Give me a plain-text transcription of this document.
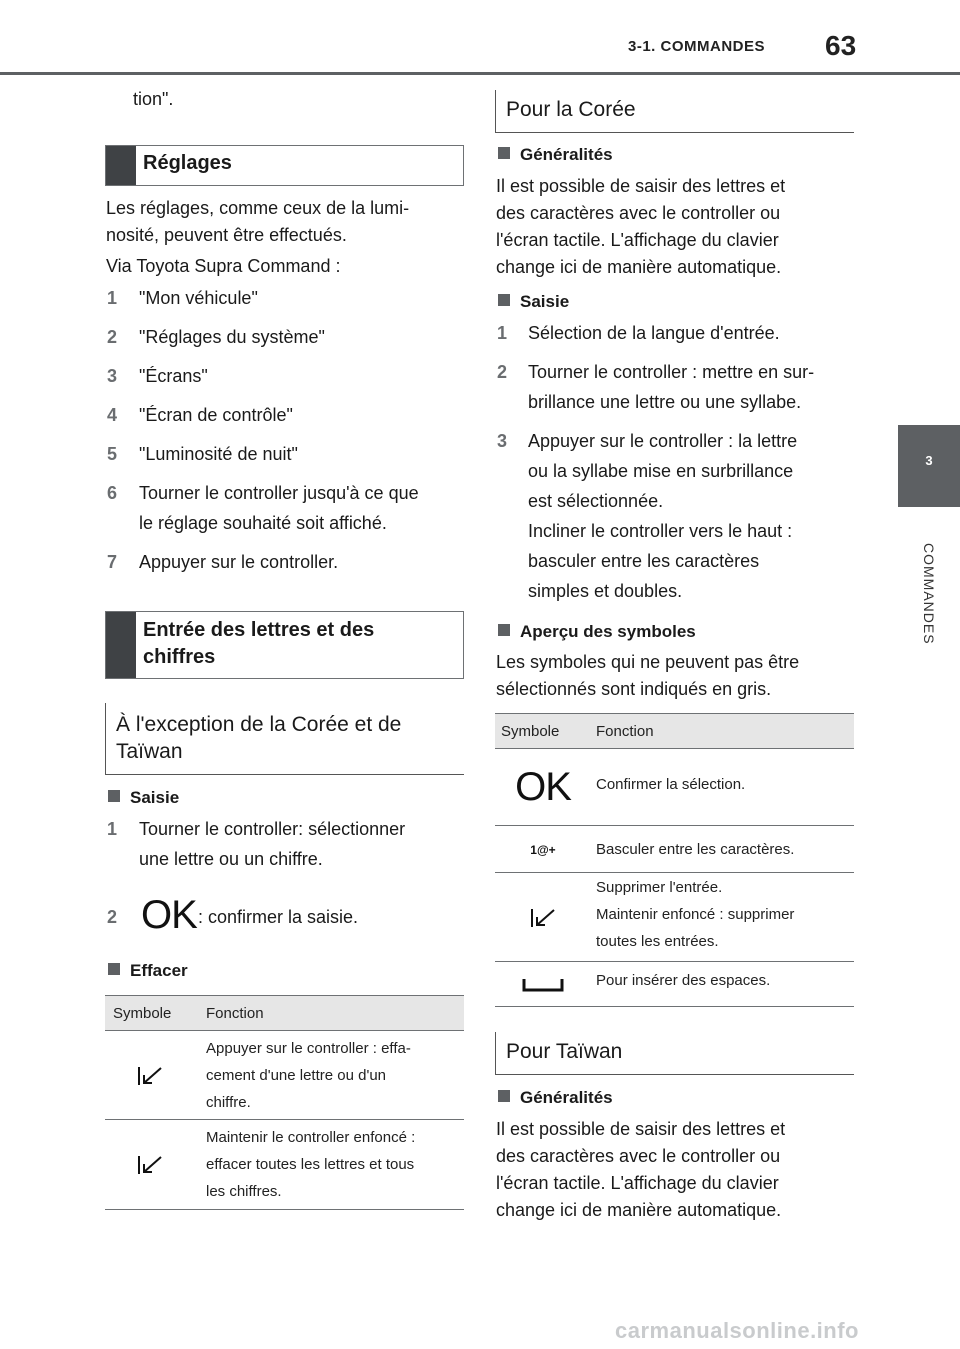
3-1. COMMANDES 63
3
COMMANDES
tion".
Réglages
Les réglages, comme ceux de la lumi-
nosité, peuvent être effectués.
Via Toyota Supra Command :
1 "Mon véhicule"
2 "Réglages du système"
3 "Écrans"
4 "Écran de contrôle"
5 "Luminosité de nuit"
6 Tourner le controller jusqu'à ce que
le réglage souhaité soit affiché.
7 Appuyer sur le controller.
Entrée des lettres et des
chiffres
À l'exception de la Corée et de
Taïwan
Saisie
1 Tourner le controller: sélectionner
une lettre ou un chiffre.
2 OK : confirmer la saisie.
Effacer
Symbole Fonction
Appuyer sur le controller : effa-
cement d'une lettre ou d'un
chiffre.
Maintenir le controller enfoncé :
effacer toutes les lettres et tous
les chiffres.
Pour la Corée
Généralités
Il est possible de saisir des lettres et
des caractères avec le controller ou
l'écran tactile. L'affichage du clavier
change ici de manière automatique.
Saisie
1 Sélection de la langue d'entrée.
2 Tourner le controller : mettre en sur-
brillance une lettre ou une syllabe.
3 Appuyer sur le controller : la lettre
ou la syllabe mise en surbrillance
est sélectionnée.
Incliner le controller vers le haut :
basculer entre les caractères
simples et doubles.
Aperçu des symboles
Les symboles qui ne peuvent pas être
sélectionnés sont indiqués en gris.
Symbole Fonction
OK	Confirmer la sélection.
1@+	Basculer entre les caractères.
Supprimer l'entrée.
Maintenir enfoncé : supprimer
toutes les entrées.
Pour insérer des espaces.
Pour Taïwan
Généralités
Il est possible de saisir des lettres et
des caractères avec le controller ou
l'écran tactile. L'affichage du clavier
change ici de manière automatique.
carmanualsonline.info
